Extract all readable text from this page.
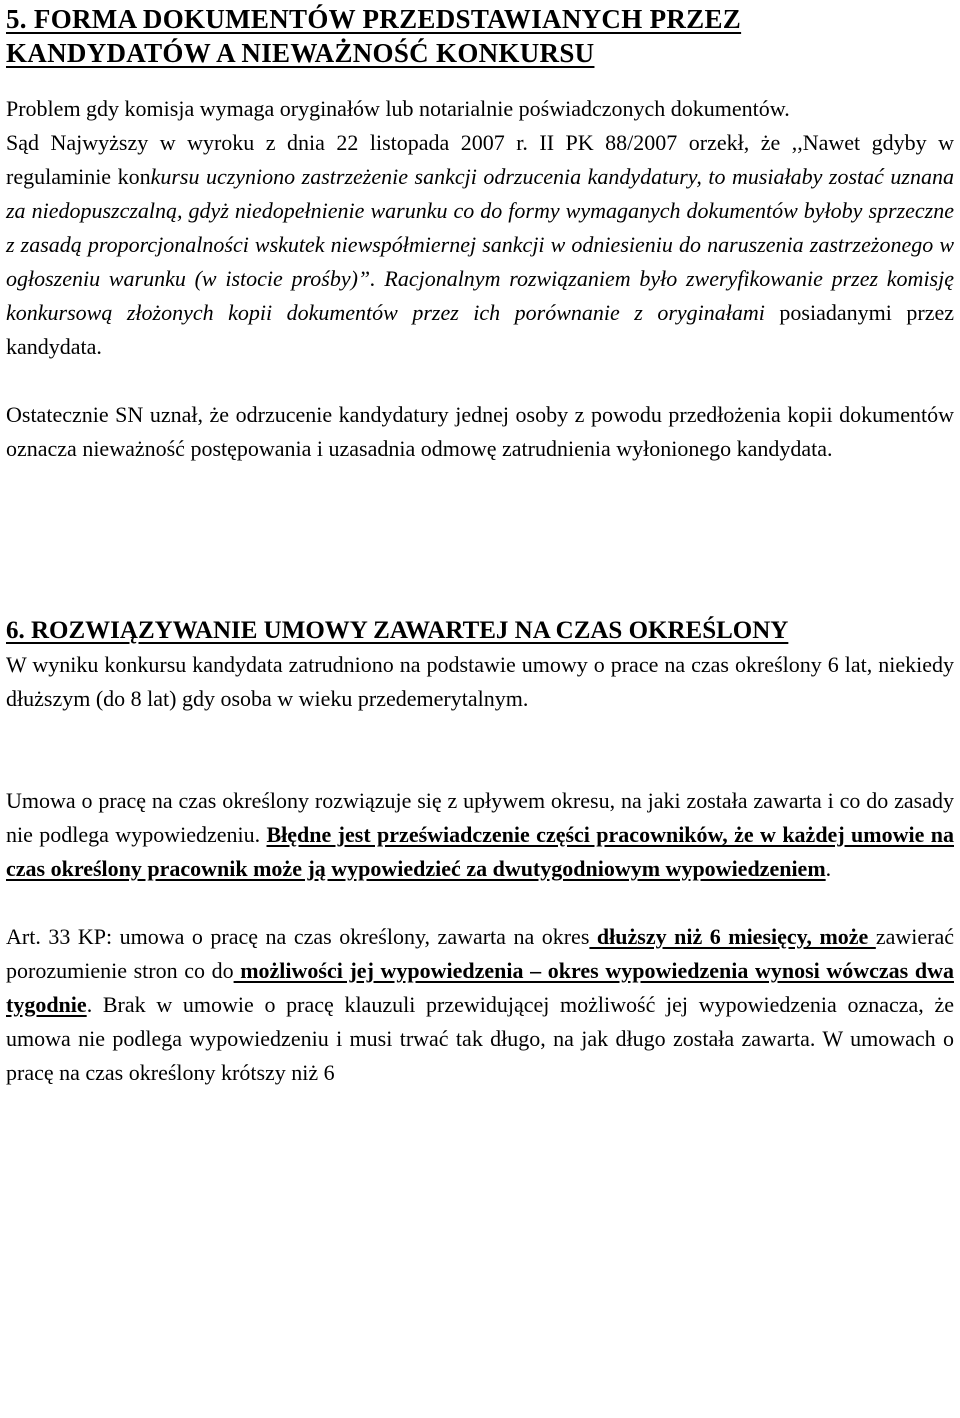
5. FORMA DOKUMENTÓW PRZEDSTAWIANYCH PRZEZ
KANDYDATÓW A NIEWAŻNOŚĆ KONKURSU

Problem gdy komisja wymaga oryginałów lub notarialnie poświadczonych dokumentów.

Sąd Najwyższy w wyroku z dnia 22 listopada 2007 r. II PK 88/2007 orzekł, że ,,Nawet gdyby w regulaminie konkursu uczyniono zastrzeżenie sankcji odrzucenia kandydatury, to musiałaby zostać uznana za niedopuszczalną, gdyż niedopełnienie warunku co do formy wymaganych dokumentów byłoby sprzeczne z zasadą proporcjonalności wskutek niewspółmiernej sankcji w odniesieniu do naruszenia zastrzeżonego w ogłoszeniu warunku (w istocie prośby)”. Racjonalnym rozwiązaniem było zweryfikowanie przez komisję konkursową złożonych kopii dokumentów przez ich porównanie z oryginałami posiadanymi przez kandydata.

Ostatecznie SN uznał, że odrzucenie kandydatury jednej osoby z powodu przedłożenia kopii dokumentów oznacza nieważność postępowania i uzasadnia odmowę zatrudnienia wyłonionego kandydata.

6. ROZWIĄZYWANIE UMOWY ZAWARTEJ NA CZAS OKREŚLONY

W wyniku konkursu kandydata zatrudniono na podstawie umowy o prace na czas określony 6 lat, niekiedy dłuższym (do 8 lat) gdy osoba w wieku przedemerytalnym.

Umowa o pracę na czas określony rozwiązuje się z upływem okresu, na jaki została zawarta i co do zasady nie podlega wypowiedzeniu. Błędne jest przeświadczenie części pracowników, że w każdej umowie na czas określony pracownik może ją wypowiedzieć za dwutygodniowym wypowiedzeniem.

Art. 33 KP: umowa o pracę na czas określony, zawarta na okres dłuższy niż 6 miesięcy, może zawierać porozumienie stron co do możliwości jej wypowiedzenia – okres wypowiedzenia wynosi wówczas dwa tygodnie. Brak w umowie o pracę klauzuli przewidującej możliwość jej wypowiedzenia oznacza, że umowa nie podlega wypowiedzeniu i musi trwać tak długo, na jak długo została zawarta. W umowach o pracę na czas określony krótszy niż 6
